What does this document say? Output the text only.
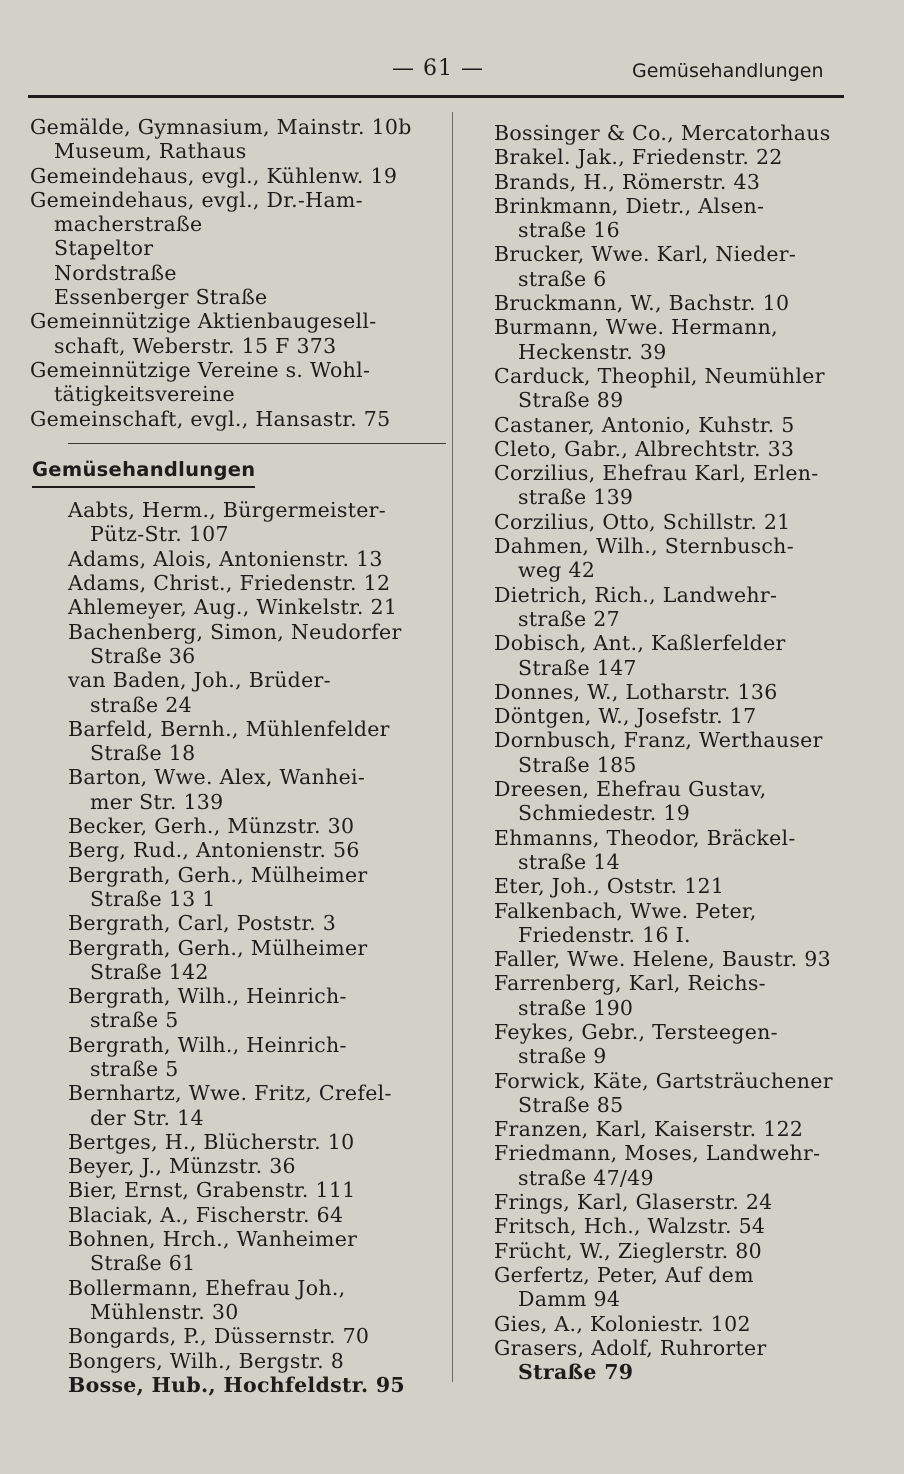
— 61 —	Gemüsehandlungen
Gemälde, Gymnasium, Mainstr. 10b
Museum, Rathaus
Gemeindehaus, evgl., Kühlenw. 19
Gemeindehaus, evgl., Dr.-Ham-
macherstraße
Stapeltor
Nordstraße
Essenberger Straße
Gemeinnützige Aktienbaugesell-
schaft, Weberstr. 15 F 373
Gemeinnützige Vereine s. Wohl-
tätigkeitsvereine
Gemeinschaft, evgl., Hansastr. 75
Gemüsehandlungen
Aabts, Herm., Bürgermeister-
Pütz-Str. 107
Adams, Alois, Antonienstr. 13
Adams, Christ., Friedenstr. 12
Ahlemeyer, Aug., Winkelstr. 21
Bachenberg, Simon, Neudorfer
Straße 36
van Baden, Joh., Brüder-
straße 24
Barfeld, Bernh., Mühlenfelder
Straße 18
Barton, Wwe. Alex, Wanhei-
mer Str. 139
Becker, Gerh., Münzstr. 30
Berg, Rud., Antonienstr. 56
Bergrath, Gerh., Mülheimer
Straße 13 1
Bergrath, Carl, Poststr. 3
Bergrath, Gerh., Mülheimer
Straße 142
Bergrath, Wilh., Heinrich-
straße 5
Bergrath, Wilh., Heinrich-
straße 5
Bernhartz, Wwe. Fritz, Crefel-
der Str. 14
Bertges, H., Blücherstr. 10
Beyer, J., Münzstr. 36
Bier, Ernst, Grabenstr. 111
Blaciak, A., Fischerstr. 64
Bohnen, Hrch., Wanheimer
Straße 61
Bollermann, Ehefrau Joh.,
Mühlenstr. 30
Bongards, P., Düssernstr. 70
Bongers, Wilh., Bergstr. 8
Bosse, Hub., Hochfeldstr. 95
Bossinger & Co., Mercatorhaus
Brakel. Jak., Friedenstr. 22
Brands, H., Römerstr. 43
Brinkmann, Dietr., Alsen-
straße 16
Brucker, Wwe. Karl, Nieder-
straße 6
Bruckmann, W., Bachstr. 10
Burmann, Wwe. Hermann,
Heckenstr. 39
Carduck, Theophil, Neumühler
Straße 89
Castaner, Antonio, Kuhstr. 5
Cleto, Gabr., Albrechtstr. 33
Corzilius, Ehefrau Karl, Erlen-
straße 139
Corzilius, Otto, Schillstr. 21
Dahmen, Wilh., Sternbusch-
weg 42
Dietrich, Rich., Landwehr-
straße 27
Dobisch, Ant., Kaßlerfelder
Straße 147
Donnes, W., Lotharstr. 136
Döntgen, W., Josefstr. 17
Dornbusch, Franz, Werthauser
Straße 185
Dreesen, Ehefrau Gustav,
Schmiedestr. 19
Ehmanns, Theodor, Bräckel-
straße 14
Eter, Joh., Oststr. 121
Falkenbach, Wwe. Peter,
Friedenstr. 16 I.
Faller, Wwe. Helene, Baustr. 93
Farrenberg, Karl, Reichs-
straße 190
Feykes, Gebr., Tersteegen-
straße 9
Forwick, Käte, Gartsträuchener
Straße 85
Franzen, Karl, Kaiserstr. 122
Friedmann, Moses, Landwehr-
straße 47/49
Frings, Karl, Glaserstr. 24
Fritsch, Hch., Walzstr. 54
Frücht, W., Zieglerstr. 80
Gerfertz, Peter, Auf dem
Damm 94
Gies, A., Koloniestr. 102
Grasers, Adolf, Ruhrorter
Straße 79
